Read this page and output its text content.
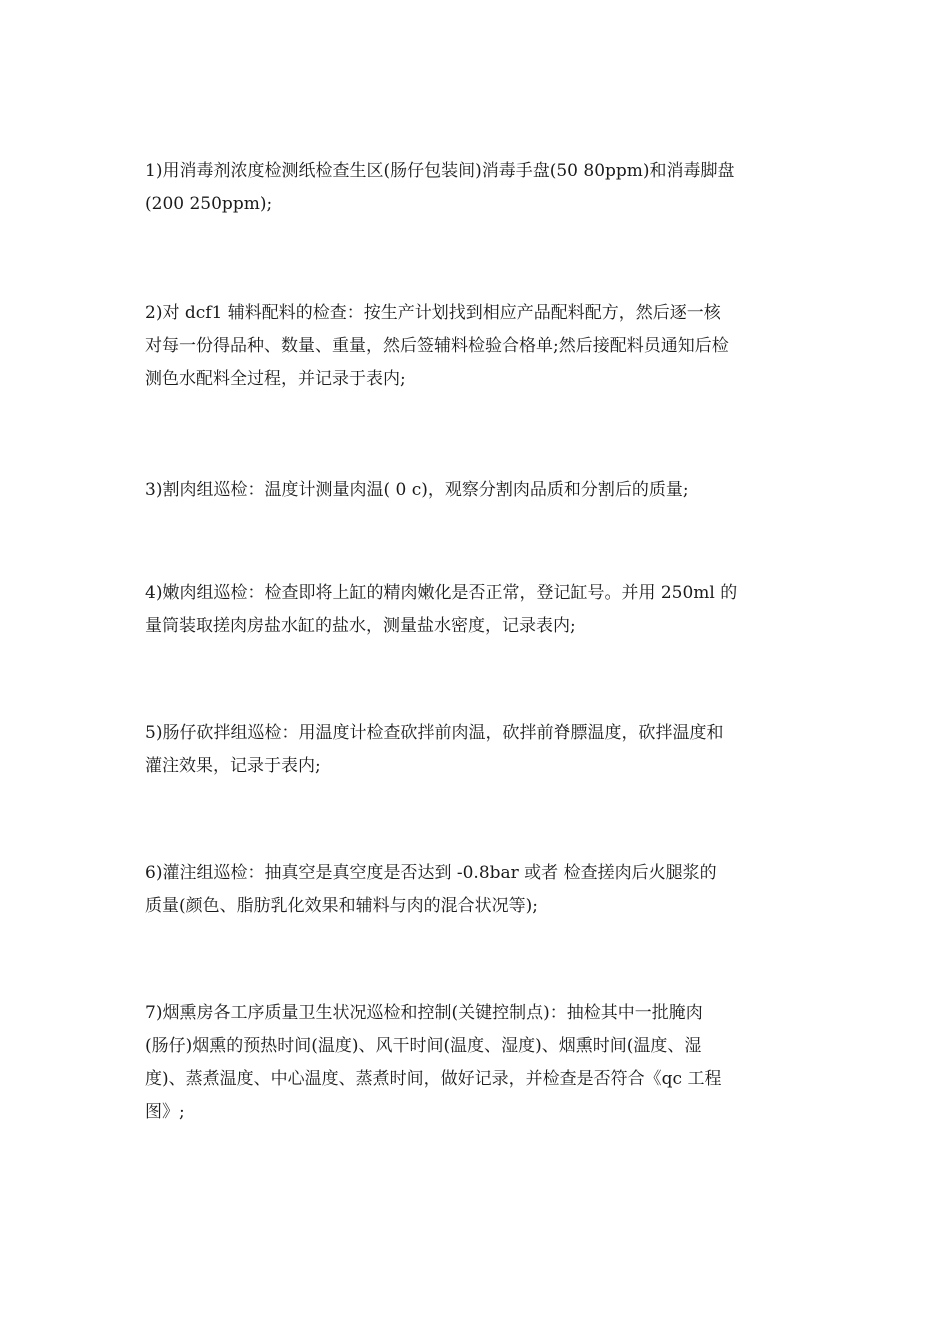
1)用消毒剂浓度检测纸检查生区(肠仔包装间)消毒手盘(50 80ppm)和消毒脚盘
(200 250ppm);
2)对 dcf1 辅料配料的检查：按生产计划找到相应产品配料配方，然后逐一核
对每一份得品种、数量、重量，然后签辅料检验合格单;然后接配料员通知后检
测色水配料全过程，并记录于表内;
3)割肉组巡检：温度计测量肉温( 0 c)，观察分割肉品质和分割后的质量;
4)嫩肉组巡检：检查即将上缸的精肉嫩化是否正常，登记缸号。并用 250ml 的
量筒装取搓肉房盐水缸的盐水，测量盐水密度，记录表内;
5)肠仔砍拌组巡检：用温度计检查砍拌前肉温，砍拌前脊膘温度，砍拌温度和
灌注效果，记录于表内;
6)灌注组巡检：抽真空是真空度是否达到 -0.8bar 或者 检查搓肉后火腿浆的
质量(颜色、脂肪乳化效果和辅料与肉的混合状况等);
7)烟熏房各工序质量卫生状况巡检和控制(关键控制点)：抽检其中一批腌肉
(肠仔)烟熏的预热时间(温度)、风干时间(温度、湿度)、烟熏时间(温度、湿
度)、蒸煮温度、中心温度、蒸煮时间，做好记录，并检查是否符合《qc 工程
图》;
